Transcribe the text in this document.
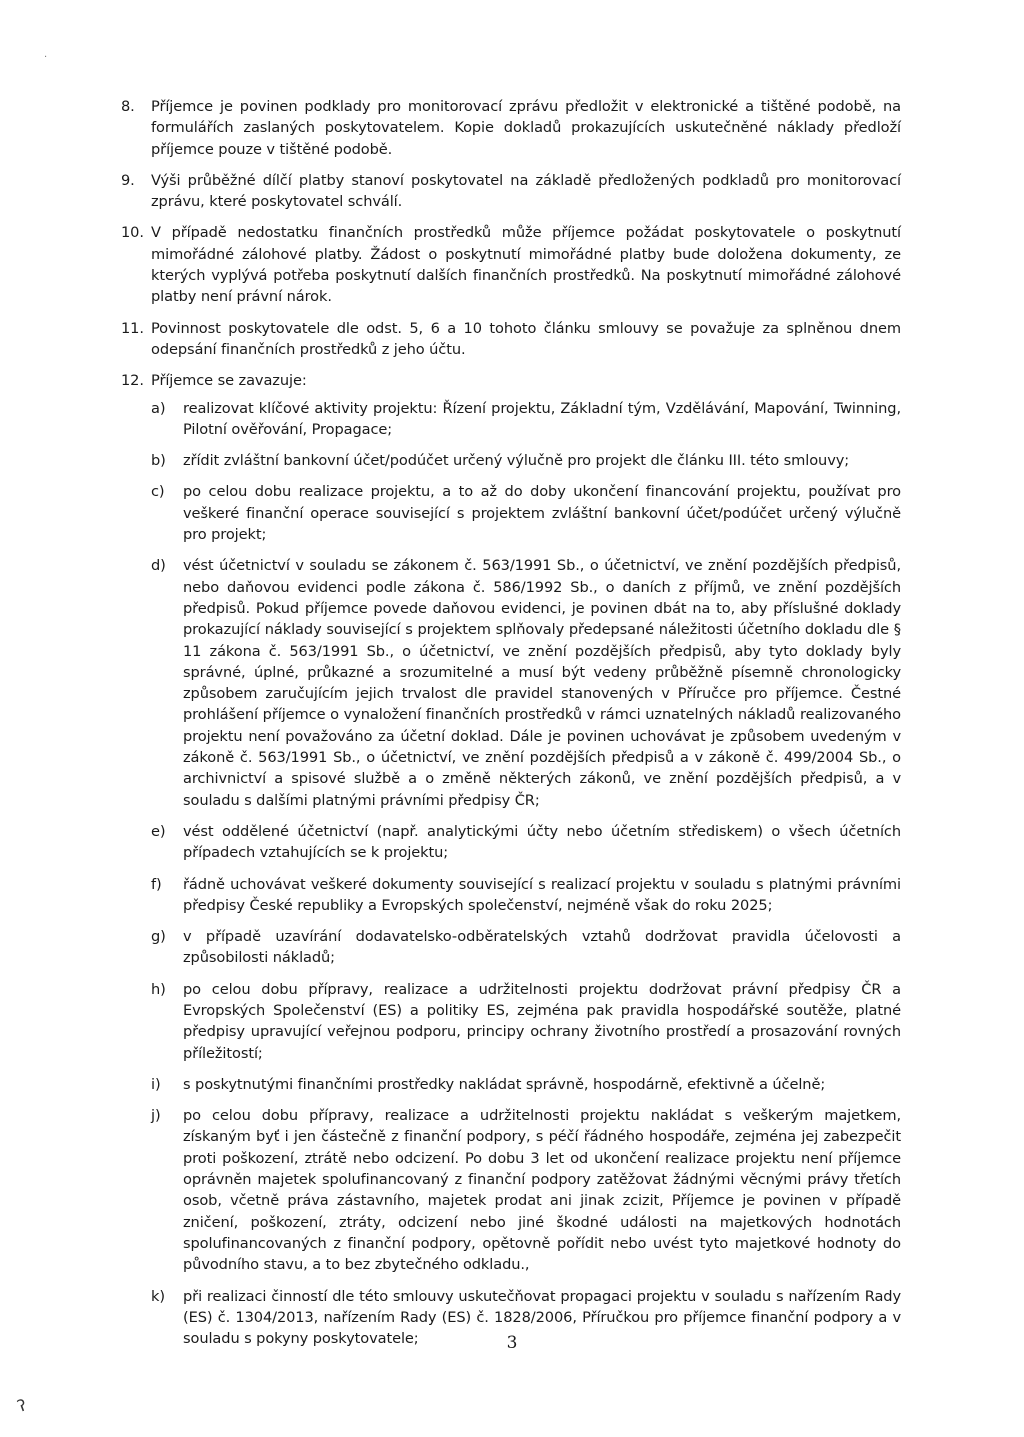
·
8. Příjemce je povinen podklady pro monitorovací zprávu předložit v elektronické a tištěné podobě, na formulářích zaslaných poskytovatelem. Kopie dokladů prokazujících uskutečněné náklady předloží příjemce pouze v tištěné podobě.
9. Výši průběžné dílčí platby stanoví poskytovatel na základě předložených podkladů pro monitorovací zprávu, které poskytovatel schválí.
10. V případě nedostatku finančních prostředků může příjemce požádat poskytovatele o poskytnutí mimořádné zálohové platby. Žádost o poskytnutí mimořádné platby bude doložena dokumenty, ze kterých vyplývá potřeba poskytnutí dalších finančních prostředků. Na poskytnutí mimořádné zálohové platby není právní nárok.
11. Povinnost poskytovatele dle odst. 5, 6 a 10 tohoto článku smlouvy se považuje za splněnou dnem odepsání finančních prostředků z jeho účtu.
12. Příjemce se zavazuje:
a) realizovat klíčové aktivity projektu: Řízení projektu, Základní tým, Vzdělávání, Mapování, Twinning, Pilotní ověřování, Propagace;
b) zřídit zvláštní bankovní účet/podúčet určený výlučně pro projekt dle článku III. této smlouvy;
c) po celou dobu realizace projektu, a to až do doby ukončení financování projektu, používat pro veškeré finanční operace související s projektem zvláštní bankovní účet/podúčet určený výlučně pro projekt;
d) vést účetnictví v souladu se zákonem č. 563/1991 Sb., o účetnictví, ve znění pozdějších předpisů, nebo daňovou evidenci podle zákona č. 586/1992 Sb., o daních z příjmů, ve znění pozdějších předpisů. Pokud příjemce povede daňovou evidenci, je povinen dbát na to, aby příslušné doklady prokazující náklady související s projektem splňovaly předepsané náležitosti účetního dokladu dle § 11 zákona č. 563/1991 Sb., o účetnictví, ve znění pozdějších předpisů, aby tyto doklady byly správné, úplné, průkazné a srozumitelné a musí být vedeny průběžně písemně chronologicky způsobem zaručujícím jejich trvalost dle pravidel stanovených v Příručce pro příjemce. Čestné prohlášení příjemce o vynaložení finančních prostředků v rámci uznatelných nákladů realizovaného projektu není považováno za účetní doklad. Dále je povinen uchovávat je způsobem uvedeným v zákoně č. 563/1991 Sb., o účetnictví, ve znění pozdějších předpisů a v zákoně č. 499/2004 Sb., o archivnictví a spisové službě a o změně některých zákonů, ve znění pozdějších předpisů, a v souladu s dalšími platnými právními předpisy ČR;
e) vést oddělené účetnictví (např. analytickými účty nebo účetním střediskem) o všech účetních případech vztahujících se k projektu;
f) řádně uchovávat veškeré dokumenty související s realizací projektu v souladu s platnými právními předpisy České republiky a Evropských společenství, nejméně však do roku 2025;
g) v případě uzavírání dodavatelsko-odběratelských vztahů dodržovat pravidla účelovosti a způsobilosti nákladů;
h) po celou dobu přípravy, realizace a udržitelnosti projektu dodržovat právní předpisy ČR a Evropských Společenství (ES) a politiky ES, zejména pak pravidla hospodářské soutěže, platné předpisy upravující veřejnou podporu, principy ochrany životního prostředí a prosazování rovných příležitostí;
i) s poskytnutými finančními prostředky nakládat správně, hospodárně, efektivně a účelně;
j) po celou dobu přípravy, realizace a udržitelnosti projektu nakládat s veškerým majetkem, získaným byť i jen částečně z finanční podpory, s péčí řádného hospodáře, zejména jej zabezpečit proti poškození, ztrátě nebo odcizení. Po dobu 3 let od ukončení realizace projektu není příjemce oprávněn majetek spolufinancovaný z finanční podpory zatěžovat žádnými věcnými právy třetích osob, včetně práva zástavního, majetek prodat ani jinak zcizit, Příjemce je povinen v případě zničení, poškození, ztráty, odcizení nebo jiné škodné události na majetkových hodnotách spolufinancovaných z finanční podpory, opětovně pořídit nebo uvést tyto majetkové hodnoty do původního stavu, a to bez zbytečného odkladu.,
k) při realizaci činností dle této smlouvy uskutečňovat propagaci projektu v souladu s nařízením Rady (ES) č. 1304/2013, nařízením Rady (ES) č. 1828/2006, Příručkou pro příjemce finanční podpory a v souladu s pokyny poskytovatele;	3
ʔ
